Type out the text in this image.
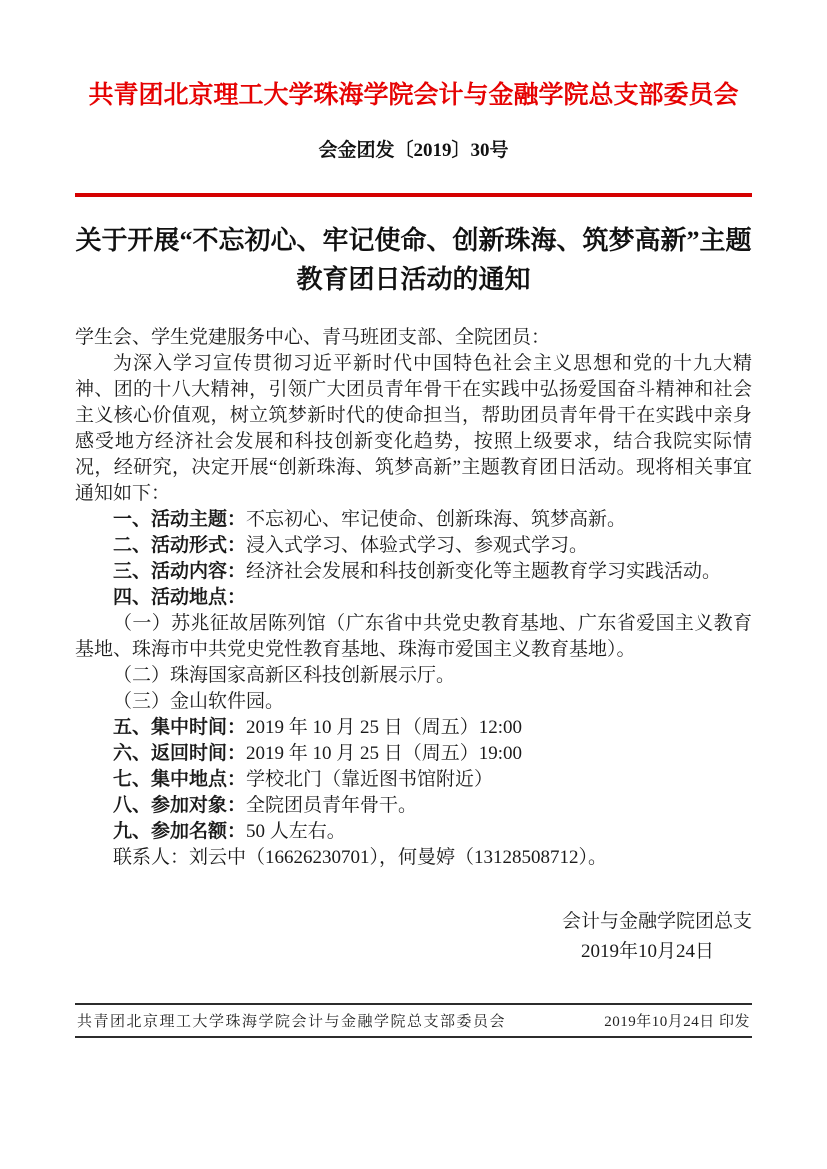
共青团北京理工大学珠海学院会计与金融学院总支部委员会
会金团发〔2019〕30号
关于开展“不忘初心、牢记使命、创新珠海、筑梦高新”主题
教育团日活动的通知

学生会、学生党建服务中心、青马班团支部、全院团员：

为深入学习宣传贯彻习近平新时代中国特色社会主义思想和党的十九大精神、团的十八大精神，引领广大团员青年骨干在实践中弘扬爱国奋斗精神和社会主义核心价值观，树立筑梦新时代的使命担当，帮助团员青年骨干在实践中亲身感受地方经济社会发展和科技创新变化趋势，按照上级要求，结合我院实际情况，经研究，决定开展“创新珠海、筑梦高新”主题教育团日活动。现将相关事宜通知如下：

一、活动主题：不忘初心、牢记使命、创新珠海、筑梦高新。

二、活动形式：浸入式学习、体验式学习、参观式学习。

三、活动内容：经济社会发展和科技创新变化等主题教育学习实践活动。

四、活动地点：

（一）苏兆征故居陈列馆（广东省中共党史教育基地、广东省爱国主义教育基地、珠海市中共党史党性教育基地、珠海市爱国主义教育基地）。

（二）珠海国家高新区科技创新展示厅。

（三）金山软件园。

五、集中时间：2019 年 10 月 25 日（周五）12:00

六、返回时间：2019 年 10 月 25 日（周五）19:00

七、集中地点：学校北门（靠近图书馆附近）

八、参加对象：全院团员青年骨干。

九、参加名额：50 人左右。

联系人：刘云中（16626230701），何曼婷（13128508712）。

会计与金融学院团总支
2019年10月24日
共青团北京理工大学珠海学院会计与金融学院总支部委员会	2019年10月24日 印发
